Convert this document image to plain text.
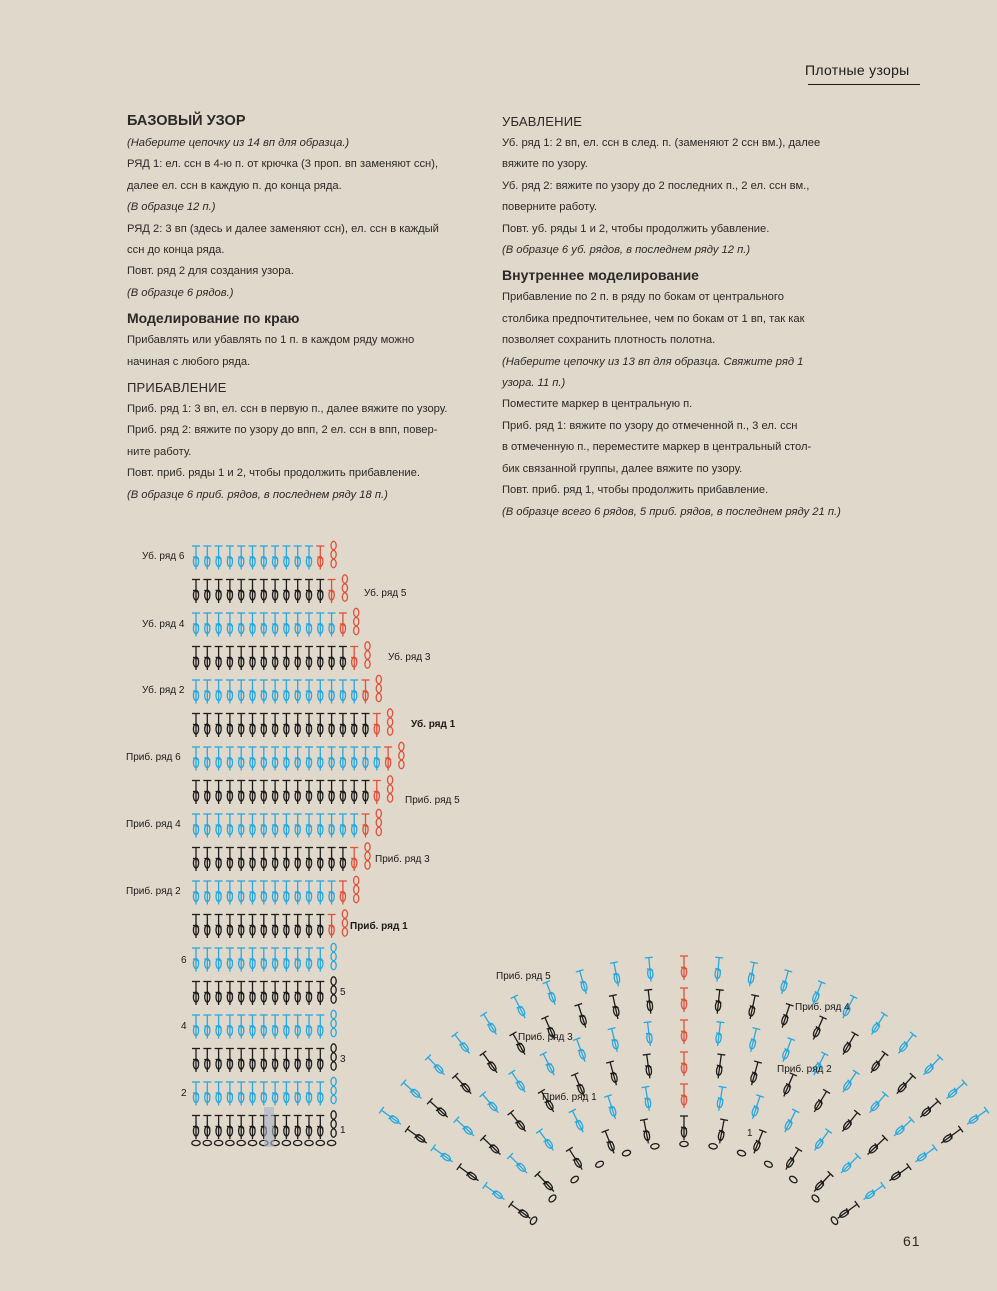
Плотные узоры
БАЗОВЫЙ УЗОР

(Наберите цепочку из 14 вп для образца.)

РЯД 1: ел. ссн в 4-ю п. от крючка (3 проп. вп заменяют ссн),

далее ел. ссн в каждую п. до конца ряда.

(В образце 12 п.)

РЯД 2: 3 вп (здесь и далее заменяют ссн), ел. ссн в каждый

ссн до конца ряда.

Повт. ряд 2 для создания узора.

(В образце 6 рядов.)

Моделирование по краю

Прибавлять или убавлять по 1 п. в каждом ряду можно

начиная с любого ряда.

ПРИБАВЛЕНИЕ

Приб. ряд 1: 3 вп, ел. ссн в первую п., далее вяжите по узору.

Приб. ряд 2: вяжите по узору до впп, 2 ел. ссн в впп, повер-

ните работу.

Повт. приб. ряды 1 и 2, чтобы продолжить прибавление.

(В образце 6 приб. рядов, в последнем ряду 18 п.)

УБАВЛЕНИЕ

Уб. ряд 1: 2 вп, ел. ссн в след. п. (заменяют 2 ссн вм.), далее

вяжите по узору.

Уб. ряд 2: вяжите по узору до 2 последних п., 2 ел. ссн вм.,

поверните работу.

Повт. уб. ряды 1 и 2, чтобы продолжить убавление.

(В образце 6 уб. рядов, в последнем ряду 12 п.)

Внутреннее моделирование

Прибавление по 2 п. в ряду по бокам от центрального

столбика предпочтительнее, чем по бокам от 1 вп, так как

позволяет сохранить плотность полотна.

(Наберите цепочку из 13 вп для образца. Свяжите ряд 1

узора. 11 п.)

Поместите маркер в центральную п.

Приб. ряд 1: вяжите по узору до отмеченной п., 3 ел. ссн

в отмеченную п., переместите маркер в центральный стол-

бик связанной группы, далее вяжите по узору.

Повт. приб. ряд 1, чтобы продолжить прибавление.

(В образце всего 6 рядов, 5 приб. рядов, в последнем ряду 21 п.)

Уб. ряд 6
Уб. ряд 5
Уб. ряд 4
Уб. ряд 3
Уб. ряд 2
Уб. ряд 1
Приб. ряд 6
Приб. ряд 5
Приб. ряд 4
Приб. ряд 3
Приб. ряд 2
Приб. ряд 1
6
5
4
3
2
1
Приб. ряд 5
Приб. ряд 4
Приб. ряд 3
Приб. ряд 2
Приб. ряд 1
1
61
